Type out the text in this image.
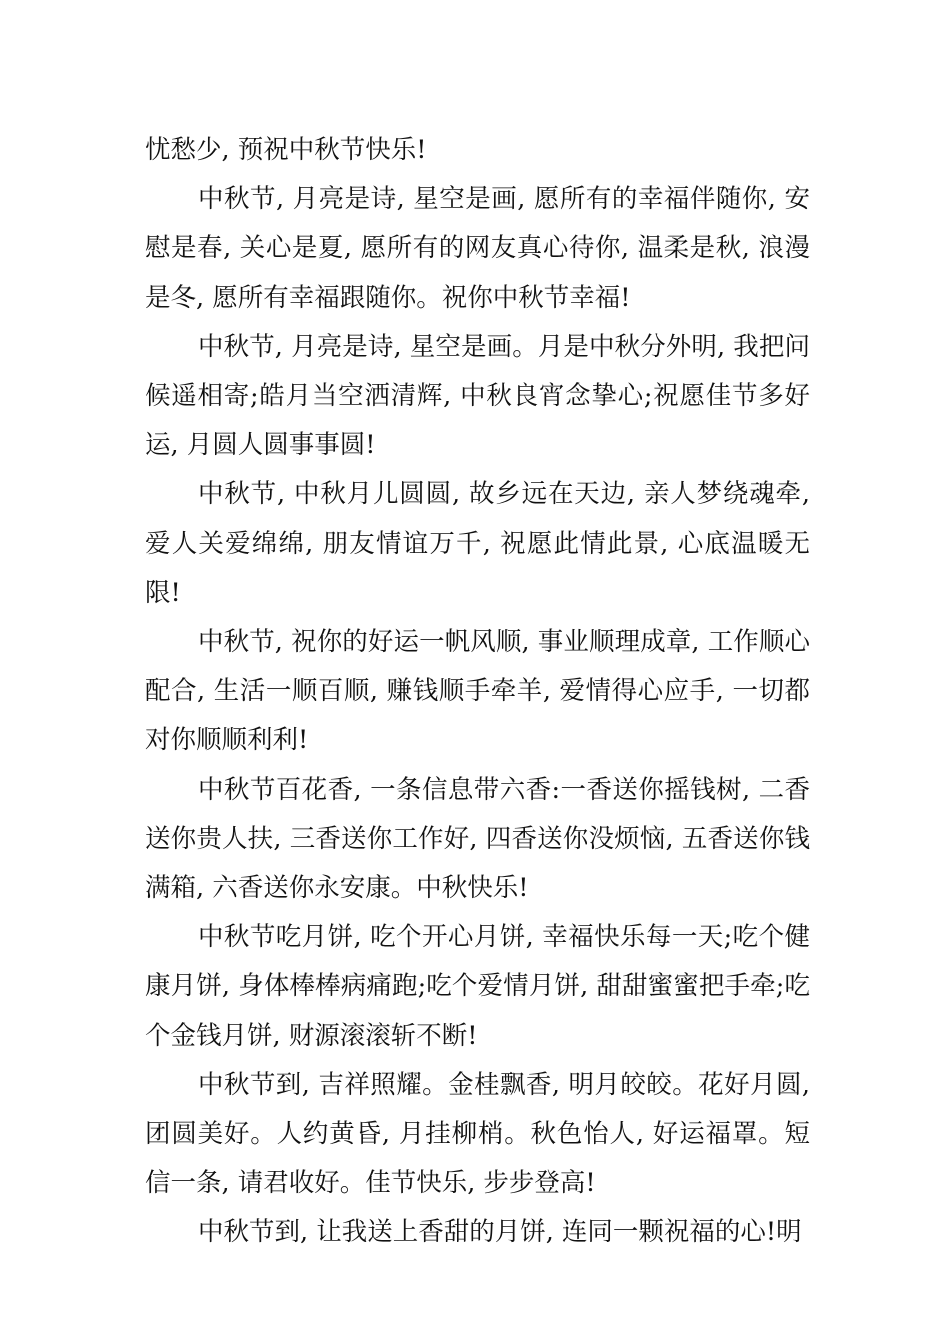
忧愁少, 预祝中秋节快乐!

中秋节, 月亮是诗, 星空是画, 愿所有的幸福伴随你, 安慰是春, 关心是夏, 愿所有的网友真心待你, 温柔是秋, 浪漫是冬, 愿所有幸福跟随你。祝你中秋节幸福!

中秋节, 月亮是诗, 星空是画。月是中秋分外明, 我把问候遥相寄;皓月当空洒清辉, 中秋良宵念挚心;祝愿佳节多好运, 月圆人圆事事圆!

中秋节, 中秋月儿圆圆, 故乡远在天边, 亲人梦绕魂牵, 爱人关爱绵绵, 朋友情谊万千, 祝愿此情此景, 心底温暖无限!

中秋节, 祝你的好运一帆风顺, 事业顺理成章, 工作顺心配合, 生活一顺百顺, 赚钱顺手牵羊, 爱情得心应手, 一切都对你顺顺利利!

中秋节百花香, 一条信息带六香:一香送你摇钱树, 二香送你贵人扶, 三香送你工作好, 四香送你没烦恼, 五香送你钱满箱, 六香送你永安康。中秋快乐!

中秋节吃月饼, 吃个开心月饼, 幸福快乐每一天;吃个健康月饼, 身体棒棒病痛跑;吃个爱情月饼, 甜甜蜜蜜把手牵;吃个金钱月饼, 财源滚滚斩不断!

中秋节到, 吉祥照耀。金桂飘香, 明月皎皎。花好月圆, 团圆美好。人约黄昏, 月挂柳梢。秋色怡人, 好运福罩。短信一条, 请君收好。佳节快乐, 步步登高!

中秋节到, 让我送上香甜的月饼, 连同一颗祝福的心!明
